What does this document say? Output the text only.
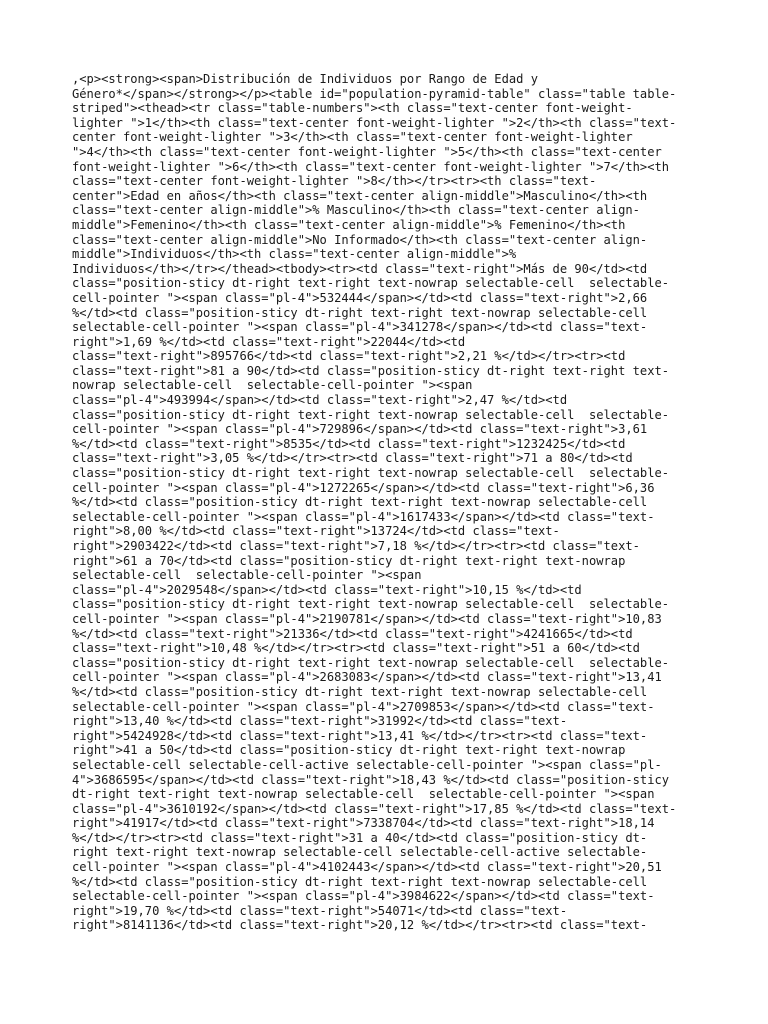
,<p><strong><span>Distribución de Individuos por Rango de Edad y
Género*</span></strong></p><table id="population-pyramid-table" class="table table-
striped"><thead><tr class="table-numbers"><th class="text-center font-weight-
lighter ">1</th><th class="text-center font-weight-lighter ">2</th><th class="text-
center font-weight-lighter ">3</th><th class="text-center font-weight-lighter
">4</th><th class="text-center font-weight-lighter ">5</th><th class="text-center
font-weight-lighter ">6</th><th class="text-center font-weight-lighter ">7</th><th
class="text-center font-weight-lighter ">8</th></tr><tr><th class="text-
center">Edad en años</th><th class="text-center align-middle">Masculino</th><th
class="text-center align-middle">% Masculino</th><th class="text-center align-
middle">Femenino</th><th class="text-center align-middle">% Femenino</th><th
class="text-center align-middle">No Informado</th><th class="text-center align-
middle">Individuos</th><th class="text-center align-middle">%
Individuos</th></tr></thead><tbody><tr><td class="text-right">Más de 90</td><td
class="position-sticy dt-right text-right text-nowrap selectable-cell  selectable-
cell-pointer "><span class="pl-4">532444</span></td><td class="text-right">2,66
%</td><td class="position-sticy dt-right text-right text-nowrap selectable-cell
selectable-cell-pointer "><span class="pl-4">341278</span></td><td class="text-
right">1,69 %</td><td class="text-right">22044</td><td
class="text-right">895766</td><td class="text-right">2,21 %</td></tr><tr><td
class="text-right">81 a 90</td><td class="position-sticy dt-right text-right text-
nowrap selectable-cell  selectable-cell-pointer "><span
class="pl-4">493994</span></td><td class="text-right">2,47 %</td><td
class="position-sticy dt-right text-right text-nowrap selectable-cell  selectable-
cell-pointer "><span class="pl-4">729896</span></td><td class="text-right">3,61
%</td><td class="text-right">8535</td><td class="text-right">1232425</td><td
class="text-right">3,05 %</td></tr><tr><td class="text-right">71 a 80</td><td
class="position-sticy dt-right text-right text-nowrap selectable-cell  selectable-
cell-pointer "><span class="pl-4">1272265</span></td><td class="text-right">6,36
%</td><td class="position-sticy dt-right text-right text-nowrap selectable-cell
selectable-cell-pointer "><span class="pl-4">1617433</span></td><td class="text-
right">8,00 %</td><td class="text-right">13724</td><td class="text-
right">2903422</td><td class="text-right">7,18 %</td></tr><tr><td class="text-
right">61 a 70</td><td class="position-sticy dt-right text-right text-nowrap
selectable-cell  selectable-cell-pointer "><span
class="pl-4">2029548</span></td><td class="text-right">10,15 %</td><td
class="position-sticy dt-right text-right text-nowrap selectable-cell  selectable-
cell-pointer "><span class="pl-4">2190781</span></td><td class="text-right">10,83
%</td><td class="text-right">21336</td><td class="text-right">4241665</td><td
class="text-right">10,48 %</td></tr><tr><td class="text-right">51 a 60</td><td
class="position-sticy dt-right text-right text-nowrap selectable-cell  selectable-
cell-pointer "><span class="pl-4">2683083</span></td><td class="text-right">13,41
%</td><td class="position-sticy dt-right text-right text-nowrap selectable-cell
selectable-cell-pointer "><span class="pl-4">2709853</span></td><td class="text-
right">13,40 %</td><td class="text-right">31992</td><td class="text-
right">5424928</td><td class="text-right">13,41 %</td></tr><tr><td class="text-
right">41 a 50</td><td class="position-sticy dt-right text-right text-nowrap
selectable-cell selectable-cell-active selectable-cell-pointer "><span class="pl-
4">3686595</span></td><td class="text-right">18,43 %</td><td class="position-sticy
dt-right text-right text-nowrap selectable-cell  selectable-cell-pointer "><span
class="pl-4">3610192</span></td><td class="text-right">17,85 %</td><td class="text-
right">41917</td><td class="text-right">7338704</td><td class="text-right">18,14
%</td></tr><tr><td class="text-right">31 a 40</td><td class="position-sticy dt-
right text-right text-nowrap selectable-cell selectable-cell-active selectable-
cell-pointer "><span class="pl-4">4102443</span></td><td class="text-right">20,51
%</td><td class="position-sticy dt-right text-right text-nowrap selectable-cell
selectable-cell-pointer "><span class="pl-4">3984622</span></td><td class="text-
right">19,70 %</td><td class="text-right">54071</td><td class="text-
right">8141136</td><td class="text-right">20,12 %</td></tr><tr><td class="text-
